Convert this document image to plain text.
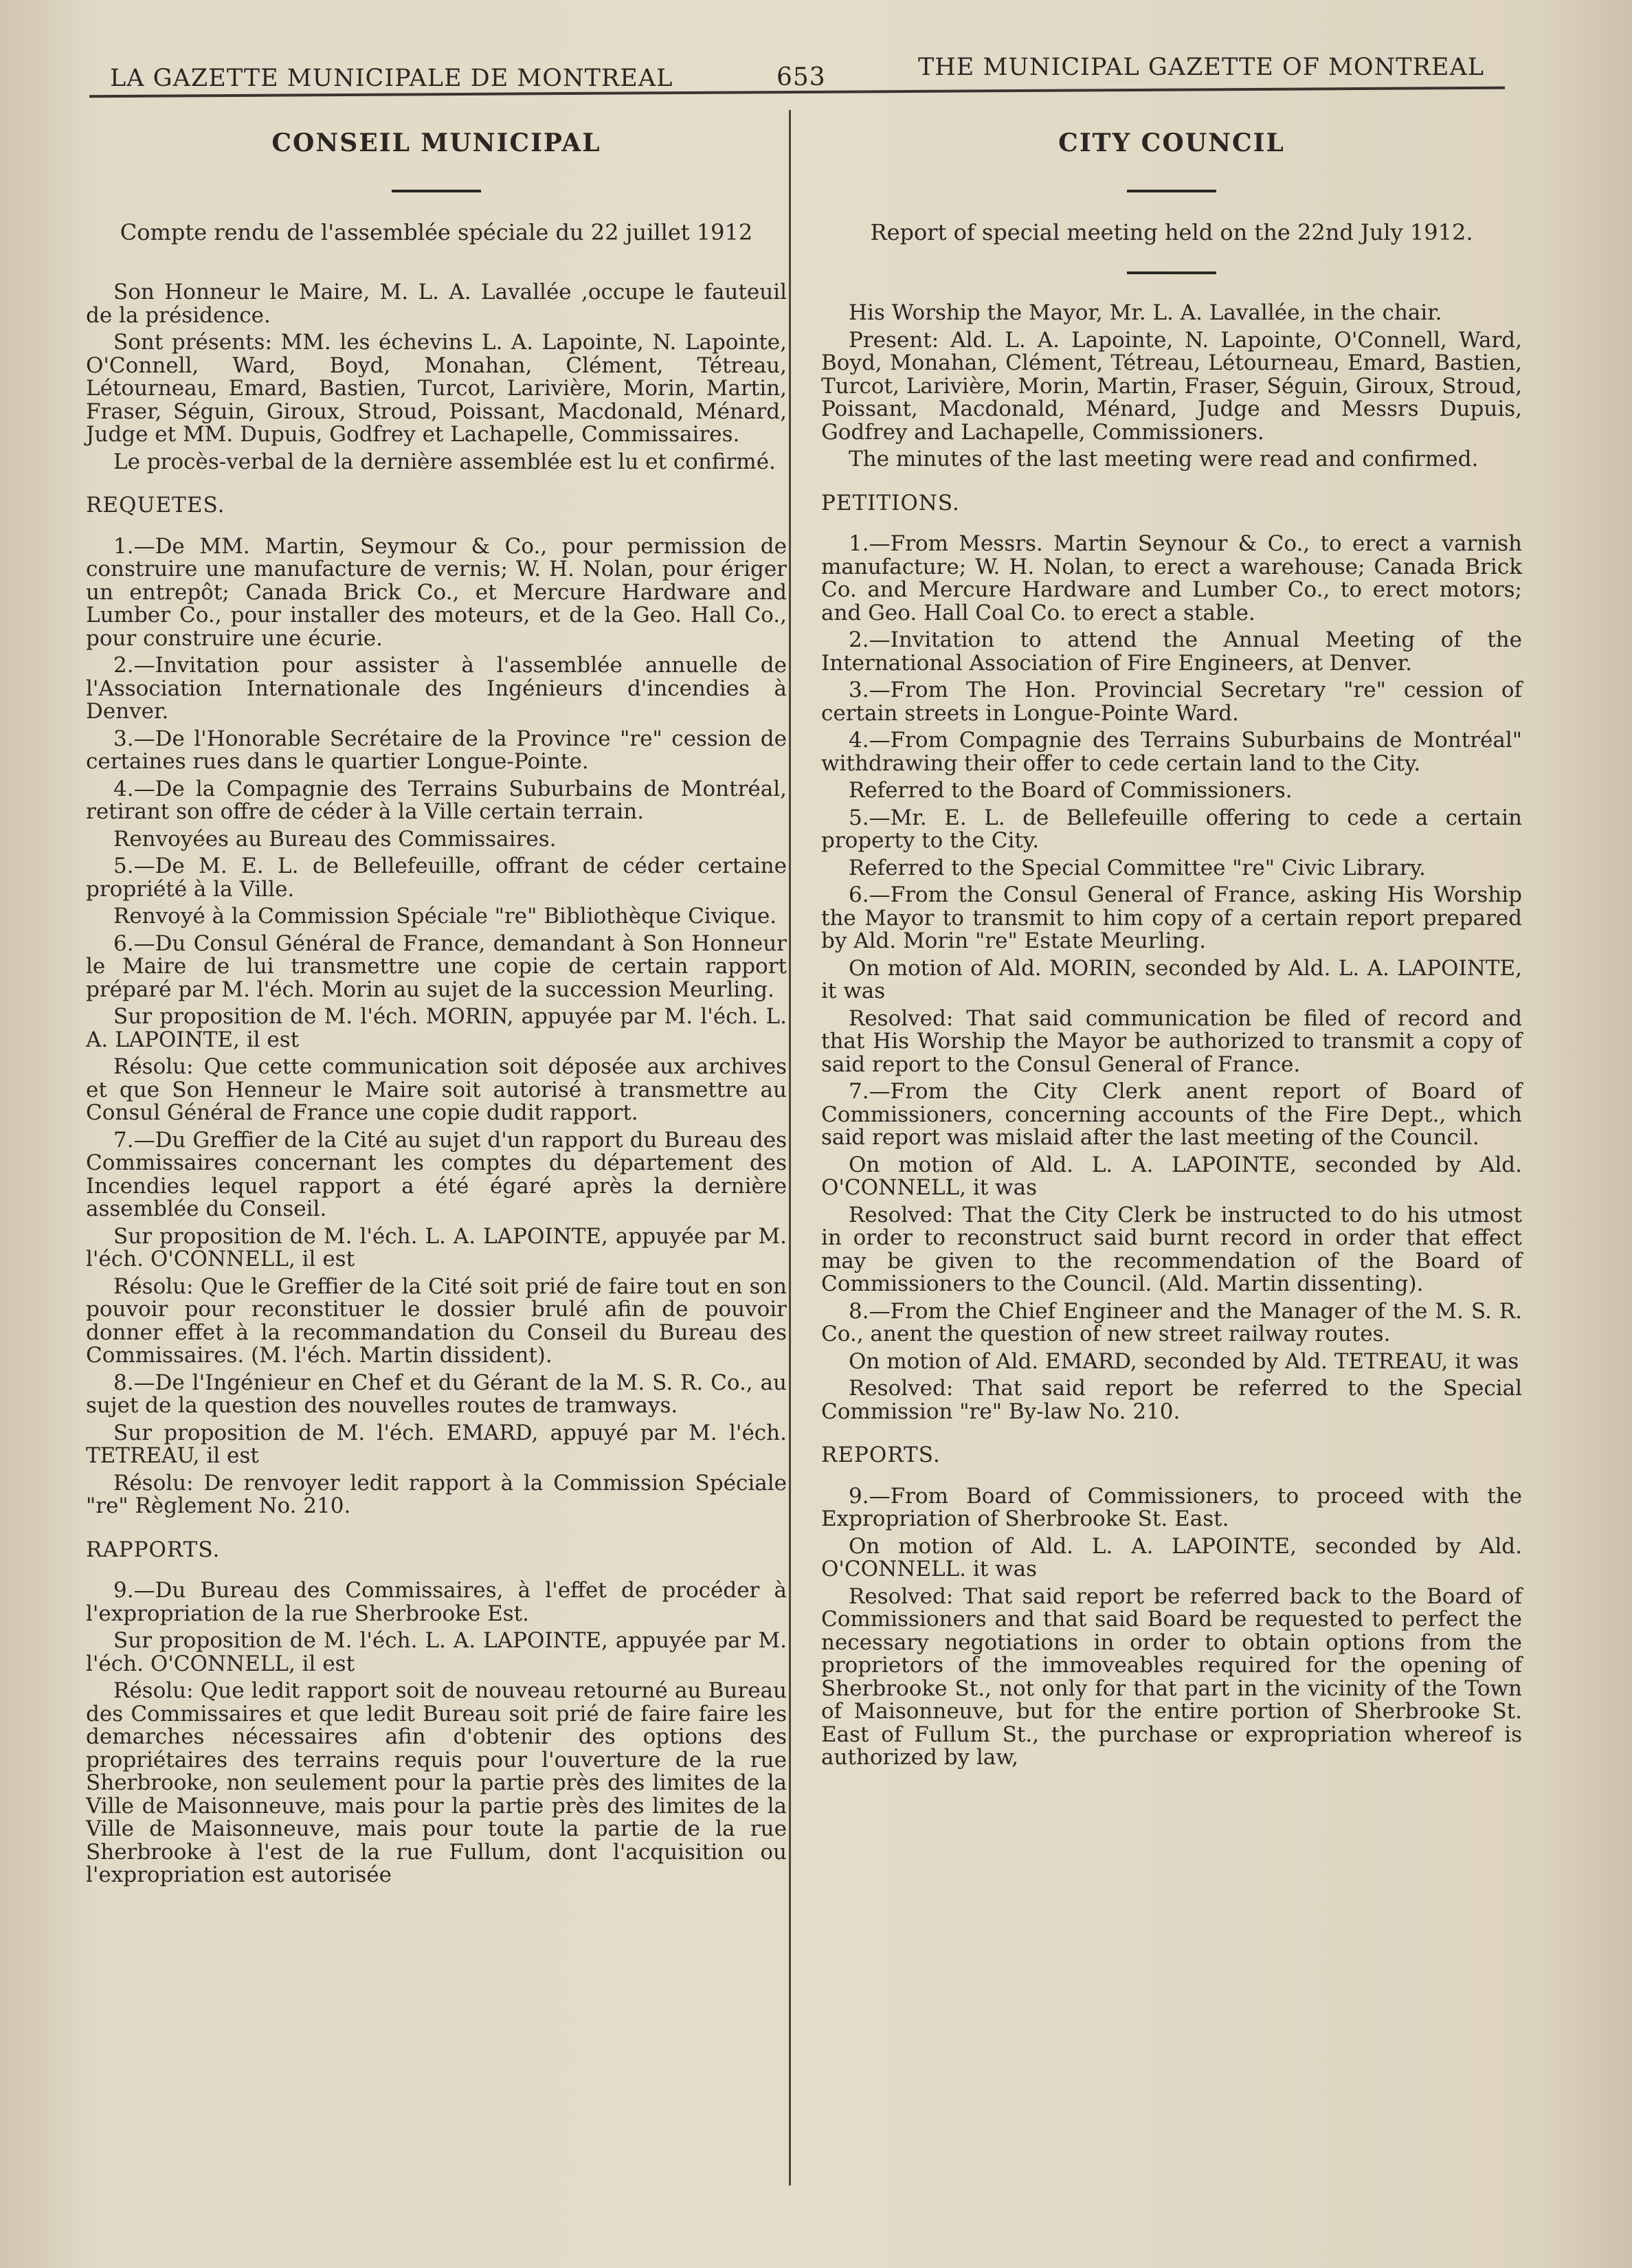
LA GAZETTE MUNICIPALE DE MONTREAL	653	THE MUNICIPAL GAZETTE OF MONTREAL
CONSEIL MUNICIPAL
Compte rendu de l'assemblée spéciale du 22 juillet 1912

Son Honneur le Maire, M. L. A. Lavallée ,occupe le fauteuil de la présidence.

Sont présents: MM. les échevins L. A. Lapointe, N. Lapointe, O'Connell, Ward, Boyd, Monahan, Clément, Tétreau, Létourneau, Emard, Bastien, Turcot, Larivière, Morin, Martin, Fraser, Séguin, Giroux, Stroud, Poissant, Macdonald, Ménard, Judge et MM. Dupuis, Godfrey et Lachapelle, Commissaires.

Le procès-verbal de la dernière assemblée est lu et confirmé.

REQUETES.

1.—De MM. Martin, Seymour & Co., pour permission de construire une manufacture de vernis; W. H. Nolan, pour ériger un entrepôt; Canada Brick Co., et Mercure Hardware and Lumber Co., pour installer des moteurs, et de la Geo. Hall Co., pour construire une écurie.

2.—Invitation pour assister à l'assemblée annuelle de l'Association Internationale des Ingénieurs d'incendies à Denver.

3.—De l'Honorable Secrétaire de la Province "re" cession de certaines rues dans le quartier Longue-Pointe.

4.—De la Compagnie des Terrains Suburbains de Montréal, retirant son offre de céder à la Ville certain terrain.

Renvoyées au Bureau des Commissaires.

5.—De M. E. L. de Bellefeuille, offrant de céder certaine propriété à la Ville.

Renvoyé à la Commission Spéciale "re" Bibliothèque Civique.

6.—Du Consul Général de France, demandant à Son Honneur le Maire de lui transmettre une copie de certain rapport préparé par M. l'éch. Morin au sujet de la succession Meurling.

Sur proposition de M. l'éch. MORIN, appuyée par M. l'éch. L. A. LAPOINTE, il est

Résolu: Que cette communication soit déposée aux archives et que Son Henneur le Maire soit autorisé à transmettre au Consul Général de France une copie dudit rapport.

7.—Du Greffier de la Cité au sujet d'un rapport du Bureau des Commissaires concernant les comptes du département des Incendies lequel rapport a été égaré après la dernière assemblée du Conseil.

Sur proposition de M. l'éch. L. A. LAPOINTE, appuyée par M. l'éch. O'CONNELL, il est

Résolu: Que le Greffier de la Cité soit prié de faire tout en son pouvoir pour reconstituer le dossier brulé afin de pouvoir donner effet à la recommandation du Conseil du Bureau des Commissaires. (M. l'éch. Martin dissident).

8.—De l'Ingénieur en Chef et du Gérant de la M. S. R. Co., au sujet de la question des nouvelles routes de tramways.

Sur proposition de M. l'éch. EMARD, appuyé par M. l'éch. TETREAU, il est

Résolu: De renvoyer ledit rapport à la Commission Spéciale "re" Règlement No. 210.

RAPPORTS.

9.—Du Bureau des Commissaires, à l'effet de procéder à l'expropriation de la rue Sherbrooke Est.

Sur proposition de M. l'éch. L. A. LAPOINTE, appuyée par M. l'éch. O'CONNELL, il est

Résolu: Que ledit rapport soit de nouveau retourné au Bureau des Commissaires et que ledit Bureau soit prié de faire faire les demarches nécessaires afin d'obtenir des options des propriétaires des terrains requis pour l'ouverture de la rue Sherbrooke, non seulement pour la partie près des limites de la Ville de Maisonneuve, mais pour la partie près des limites de la Ville de Maisonneuve, mais pour toute la partie de la rue Sherbrooke à l'est de la rue Fullum, dont l'acquisition ou l'expropriation est autorisée

CITY COUNCIL
Report of special meeting held on the 22nd July 1912.

His Worship the Mayor, Mr. L. A. Lavallée, in the chair.

Present: Ald. L. A. Lapointe, N. Lapointe, O'Connell, Ward, Boyd, Monahan, Clément, Tétreau, Létourneau, Emard, Bastien, Turcot, Larivière, Morin, Martin, Fraser, Séguin, Giroux, Stroud, Poissant, Macdonald, Ménard, Judge and Messrs Dupuis, Godfrey and Lachapelle, Commissioners.

The minutes of the last meeting were read and confirmed.

PETITIONS.

1.—From Messrs. Martin Seynour & Co., to erect a varnish manufacture; W. H. Nolan, to erect a warehouse; Canada Brick Co. and Mercure Hardware and Lumber Co., to erect motors; and Geo. Hall Coal Co. to erect a stable.

2.—Invitation to attend the Annual Meeting of the International Association of Fire Engineers, at Denver.

3.—From The Hon. Provincial Secretary "re" cession of certain streets in Longue-Pointe Ward.

4.—From Compagnie des Terrains Suburbains de Montréal" withdrawing their offer to cede certain land to the City.

Referred to the Board of Commissioners.

5.—Mr. E. L. de Bellefeuille offering to cede a certain property to the City.

Referred to the Special Committee "re" Civic Library.

6.—From the Consul General of France, asking His Worship the Mayor to transmit to him copy of a certain report prepared by Ald. Morin "re" Estate Meurling.

On motion of Ald. MORIN, seconded by Ald. L. A. LAPOINTE, it was

Resolved: That said communication be filed of record and that His Worship the Mayor be authorized to transmit a copy of said report to the Consul General of France.

7.—From the City Clerk anent report of Board of Commissioners, concerning accounts of the Fire Dept., which said report was mislaid after the last meeting of the Council.

On motion of Ald. L. A. LAPOINTE, seconded by Ald. O'CONNELL, it was

Resolved: That the City Clerk be instructed to do his utmost in order to reconstruct said burnt record in order that effect may be given to the recommendation of the Board of Commissioners to the Council. (Ald. Martin dissenting).

8.—From the Chief Engineer and the Manager of the M. S. R. Co., anent the question of new street railway routes.

On motion of Ald. EMARD, seconded by Ald. TETREAU, it was

Resolved: That said report be referred to the Special Commission "re" By-law No. 210.

REPORTS.

9.—From Board of Commissioners, to proceed with the Expropriation of Sherbrooke St. East.

On motion of Ald. L. A. LAPOINTE, seconded by Ald. O'CONNELL. it was

Resolved: That said report be referred back to the Board of Commissioners and that said Board be requested to perfect the necessary negotiations in order to obtain options from the proprietors of the immoveables required for the opening of Sherbrooke St., not only for that part in the vicinity of the Town of Maisonneuve, but for the entire portion of Sherbrooke St. East of Fullum St., the purchase or expropriation whereof is authorized by law,
